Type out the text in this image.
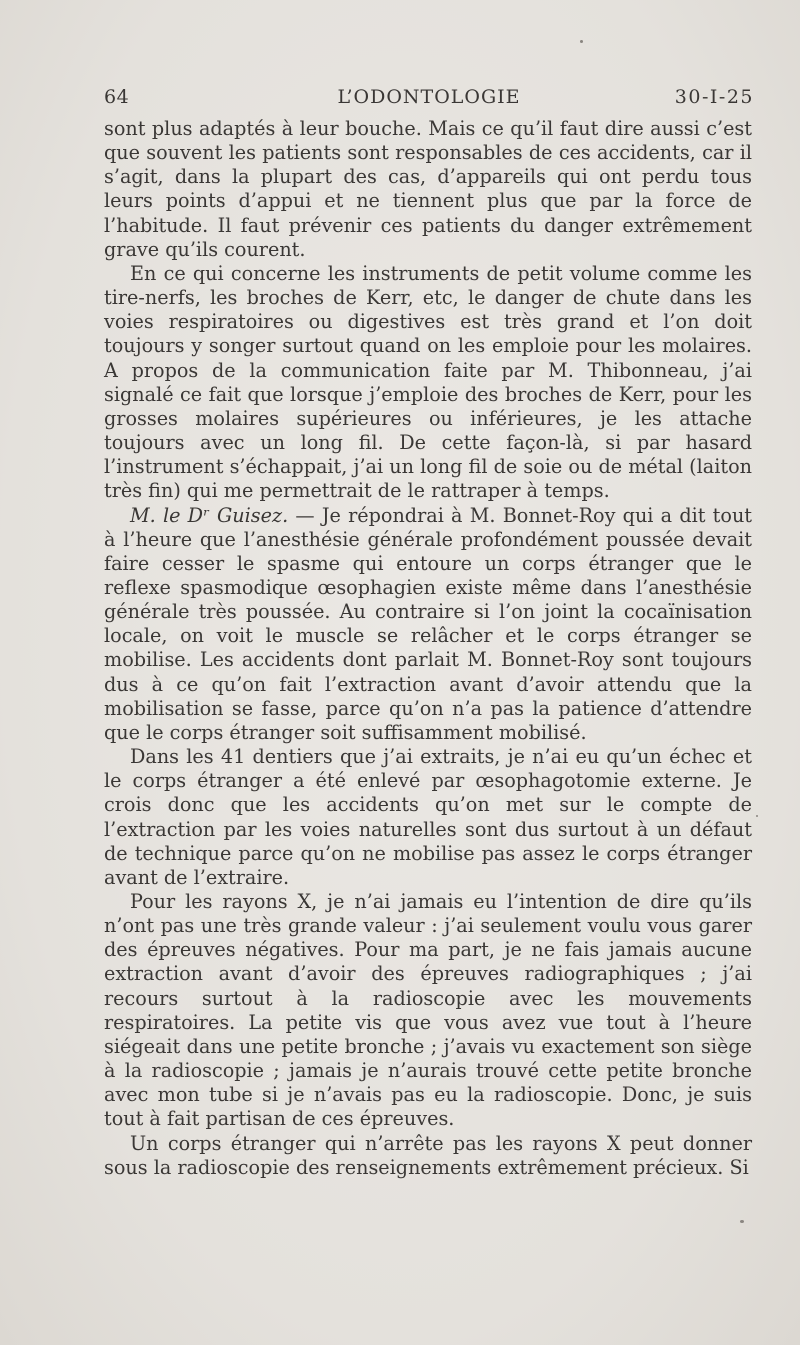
64	L’ODONTOLOGIE	30-I-25

sont plus adaptés à leur bouche. Mais ce qu’il faut dire aussi c’est que souvent les patients sont responsables de ces accidents, car il s’agit, dans la plupart des cas, d’appareils qui ont perdu tous leurs points d’appui et ne tiennent plus que par la force de l’habitude. Il faut prévenir ces patients du danger extrêmement grave qu’ils courent.

En ce qui concerne les instruments de petit volume comme les tire-nerfs, les broches de Kerr, etc, le danger de chute dans les voies respiratoires ou digestives est très grand et l’on doit toujours y songer surtout quand on les emploie pour les molaires. A propos de la communication faite par M. Thibonneau, j’ai signalé ce fait que lorsque j’emploie des broches de Kerr, pour les grosses molaires supérieures ou inférieures, je les attache toujours avec un long fil. De cette façon-là, si par hasard l’instrument s’échappait, j’ai un long fil de soie ou de métal (laiton très fin) qui me permettrait de le rattraper à temps.

M. le Dʳ Guisez. — Je répondrai à M. Bonnet-Roy qui a dit tout à l’heure que l’anesthésie générale profondément poussée devait faire cesser le spasme qui entoure un corps étranger que le reflexe spasmodique œsophagien existe même dans l’anesthésie générale très poussée. Au contraire si l’on joint la cocaïnisation locale, on voit le muscle se relâcher et le corps étranger se mobilise. Les accidents dont parlait M. Bonnet-Roy sont toujours dus à ce qu’on fait l’extraction avant d’avoir attendu que la mobilisation se fasse, parce qu’on n’a pas la patience d’attendre que le corps étranger soit suffisamment mobilisé.

Dans les 41 dentiers que j’ai extraits, je n’ai eu qu’un échec et le corps étranger a été enlevé par œsophagotomie externe. Je crois donc que les accidents qu’on met sur le compte de l’extraction par les voies naturelles sont dus surtout à un défaut de technique parce qu’on ne mobilise pas assez le corps étranger avant de l’extraire.

Pour les rayons X, je n’ai jamais eu l’intention de dire qu’ils n’ont pas une très grande valeur : j’ai seulement voulu vous garer des épreuves négatives. Pour ma part, je ne fais jamais aucune extraction avant d’avoir des épreuves radiographiques ; j’ai recours surtout à la radioscopie avec les mouvements respiratoires. La petite vis que vous avez vue tout à l’heure siégeait dans une petite bronche ; j’avais vu exactement son siège à la radioscopie ; jamais je n’aurais trouvé cette petite bronche avec mon tube si je n’avais pas eu la radioscopie. Donc, je suis tout à fait partisan de ces épreuves.

Un corps étranger qui n’arrête pas les rayons X peut donner sous la radioscopie des renseignements extrêmement précieux. Si
